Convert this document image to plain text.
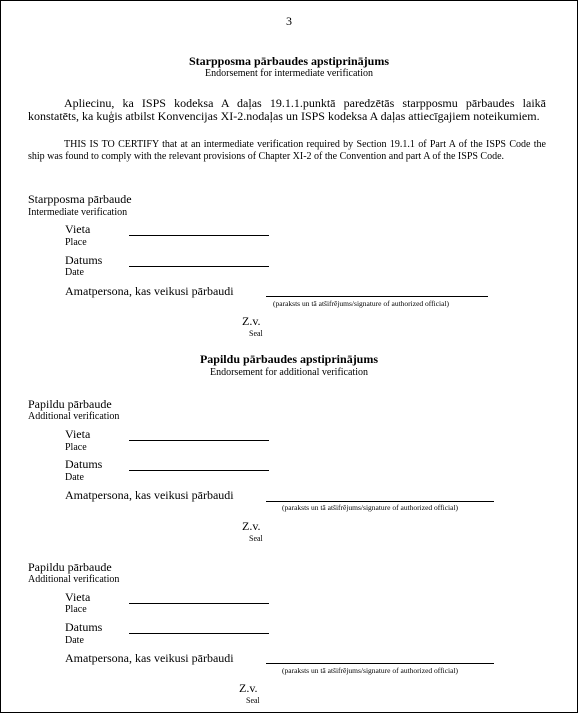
3
Starpposma pārbaudes apstiprinājums
Endorsement for intermediate verification
Apliecinu, ka ISPS kodeksa A daļas 19.1.1.punktā paredzētās starpposmu pārbaudes laikā konstatēts, ka kuģis atbilst Konvencijas XI-2.nodaļas un ISPS kodeksa A daļas attiecīgajiem noteikumiem.
THIS IS TO CERTIFY that at an intermediate verification required by Section 19.1.1 of Part A of the ISPS Code the ship was found to comply with the relevant provisions of Chapter XI-2 of the Convention and part A of the ISPS Code.
Starpposma pārbaude
Intermediate verification
Vieta
Place
Datums
Date
Amatpersona, kas veikusi pārbaudi
(paraksts un tā atšifrējums/signature of authorized official)
Z.v.
Seal
Papildu pārbaudes apstiprinājums
Endorsement for additional verification
Papildu pārbaude
Additional verification
Vieta
Place
Datums
Date
Amatpersona, kas veikusi pārbaudi
(paraksts un tā atšifrējums/signature of authorized official)
Z.v.
Seal
Papildu pārbaude
Additional verification
Vieta
Place
Datums
Date
Amatpersona, kas veikusi pārbaudi
(paraksts un tā atšifrējums/signature of authorized official)
Z.v.
Seal
